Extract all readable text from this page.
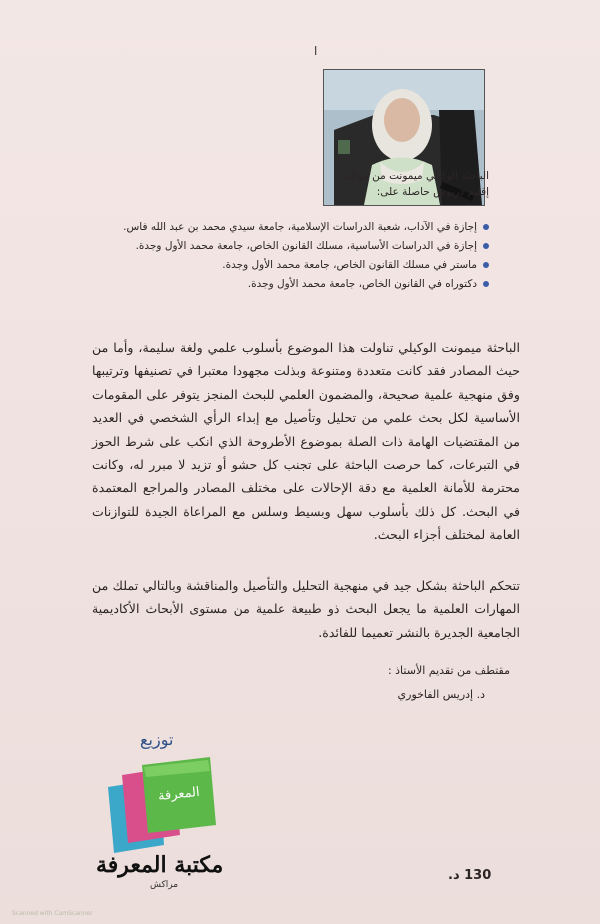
ا
الباحثة الوكيلي ميمونت من مواليد
إقليم دريوش حاصلة على:
إجازة في الآداب، شعبة الدراسات الإسلامية، جامعة سيدي محمد بن عبد الله فاس.
إجازة في الدراسات الأساسية، مسلك القانون الخاص، جامعة محمد الأول وجدة.
ماستر في مسلك القانون الخاص، جامعة محمد الأول وجدة.
دكتوراه في القانون الخاص، جامعة محمد الأول وجدة.

الباحثة ميمونت الوكيلي تناولت هذا الموضوع بأسلوب علمي ولغة سليمة، وأما من حيث المصادر فقد كانت متعددة ومتنوعة وبذلت مجهودا معتبرا في تصنيفها وترتيبها وفق منهجية علمية صحيحة، والمضمون العلمي للبحث المنجز يتوفر على المقومات الأساسية لكل بحث علمي من تحليل وتأصيل مع إبداء الرأي الشخصي في العديد من المقتضيات الهامة ذات الصلة بموضوع الأطروحة الذي انكب على شرط الحوز في التبرعات، كما حرصت الباحثة على تجنب كل حشو أو تزيد لا مبرر له، وكانت محترمة للأمانة العلمية مع دقة الإحالات على مختلف المصادر والمراجع المعتمدة في البحث. كل ذلك بأسلوب سهل وبسيط وسلس مع المراعاة الجيدة للتوازنات العامة لمختلف أجزاء البحث.

تتحكم الباحثة بشكل جيد في منهجية التحليل والتأصيل والمناقشة وبالتالي تملك من المهارات العلمية ما يجعل البحث ذو طبيعة علمية من مستوى الأبحاث الأكاديمية الجامعية الجديرة بالنشر تعميما للفائدة.

مقتطف من تقديم الأستاذ :
د. إدريس الفاخوري
توزيع
المعرفة
مكتبة المعرفة
مراكش
130 د.
Scanned with CamScanner
